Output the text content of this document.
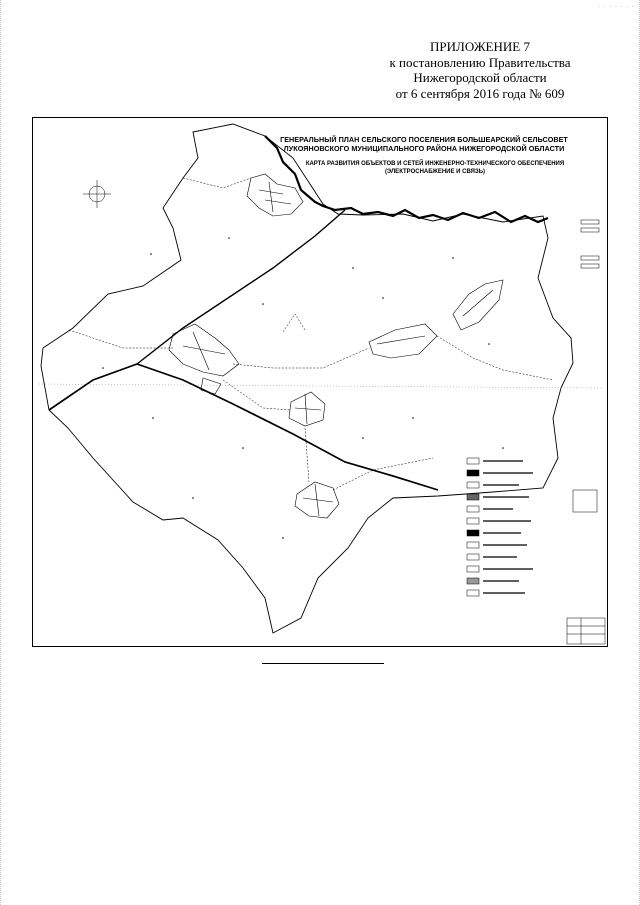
· · · · · · ·
ПРИЛОЖЕНИЕ 7
к постановлению Правительства
Нижегородской области
от 6 сентября 2016 года № 609
ГЕНЕРАЛЬНЫЙ ПЛАН СЕЛЬСКОГО ПОСЕЛЕНИЯ БОЛЬШЕАРСКИЙ СЕЛЬСОВЕТ
ЛУКОЯНОВСКОГО МУНИЦИПАЛЬНОГО РАЙОНА НИЖЕГОРОДСКОЙ ОБЛАСТИ
КАРТА РАЗВИТИЯ ОБЪЕКТОВ И СЕТЕЙ ИНЖЕНЕРНО-ТЕХНИЧЕСКОГО ОБЕСПЕЧЕНИЯ
(ЭЛЕКТРОСНАБЖЕНИЕ И СВЯЗЬ)
